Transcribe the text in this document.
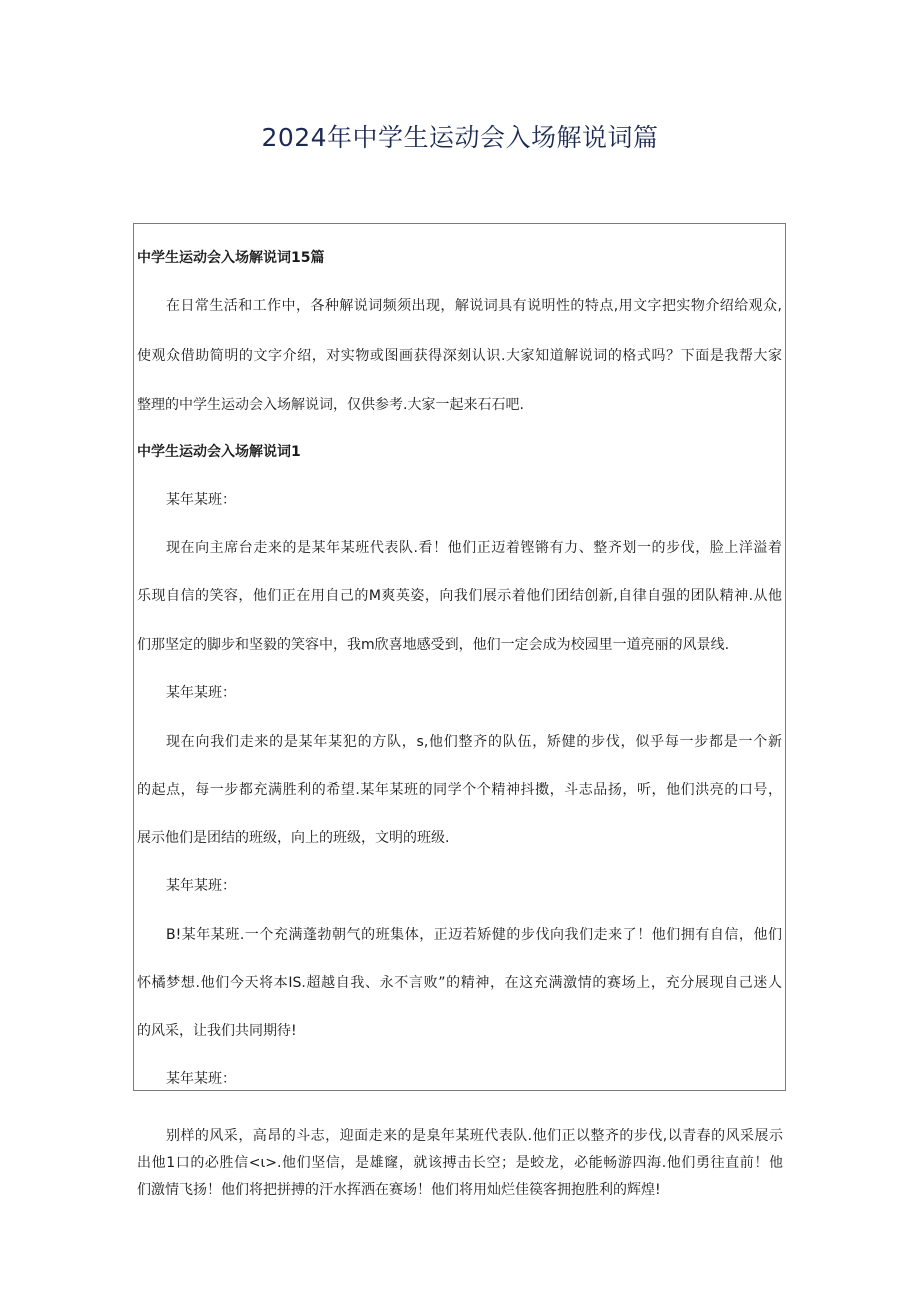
2024年中学生运动会入场解说词篇
中学生运动会入场解说词15篇
在日常生活和工作中，各种解说词频须出现，解说词具有说明性的特点,用文字把实物介绍给观众,
使观众借助简明的文字介绍，对实物或图画获得深刻认识.大家知道解说词的格式吗？下面是我帮大家
整理的中学生运动会入场解说词，仅供参考.大家一起来石石吧.
中学生运动会入场解说词1
某年某班：
现在向主席台走来的是某年某班代表队.看！他们正迈着铿锵有力、整齐划一的步伐，脸上洋溢着
乐现自信的笑容，他们正在用自己的M爽英姿，向我们展示着他们团结创新,自律自强的团队精神.从他
们那坚定的脚步和坚毅的笑容中，我m欣喜地感受到，他们一定会成为校园里一道亮丽的风景线.
某年某班：
现在向我们走来的是某年某犯的方队，s,他们整齐的队伍，矫健的步伐，似乎每一步都是一个新
的起点，每一步都充满胜利的希望.某年某班的同学个个精神抖擞，斗志品扬，听，他们洪亮的口号，
展示他们是团结的班级，向上的班级，文明的班级.
某年某班：
B!某年某班.一个充满蓬勃朝气的班集体，正迈若矫健的步伐向我们走来了！他们拥有自信，他们
怀橘梦想.他们今天将本IS.超越自我、永不言败”的精神，在这充满激情的赛场上，充分展现自己迷人
的风采，让我们共同期待!
某年某班：
别样的风采，高昂的斗志，迎面走来的是臬年某班代表队.他们正以整齐的步伐,以青春的风采展示
出他1口的必胜信<ι>.他们坚信，是雄窿，就该搏击长空；是蛟龙，必能畅游四海.他们勇往直前！他
们激情飞扬！他们将把拼搏的汗水挥洒在赛场！他们将用灿烂佳篌客拥抱胜利的辉煌!
